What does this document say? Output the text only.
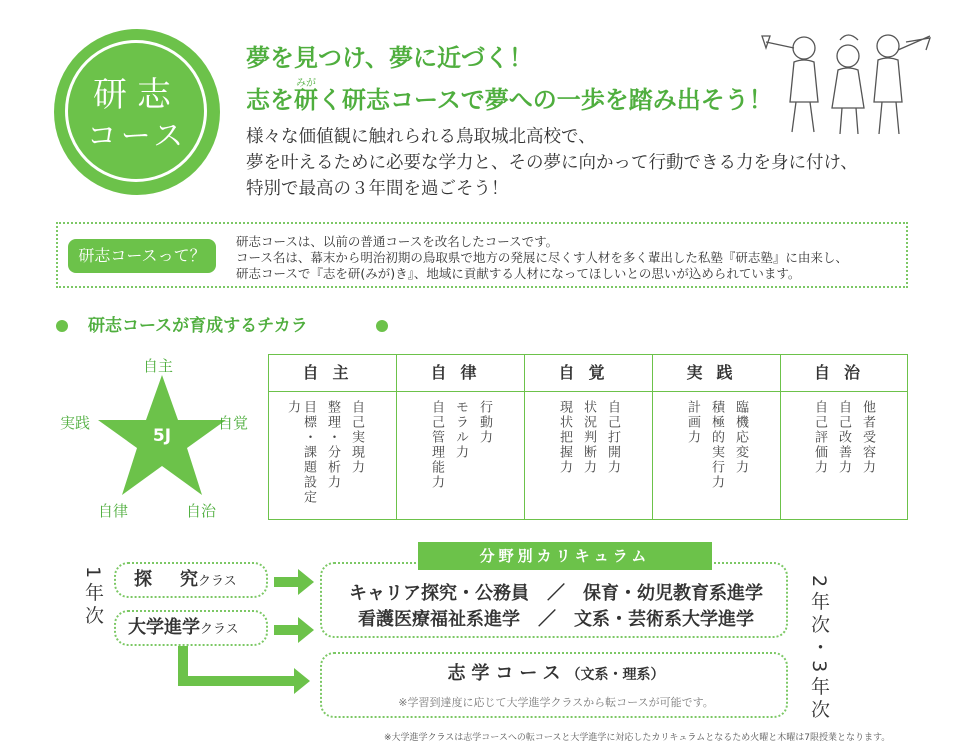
研志
コース
夢を見つけ、夢に近づく！
みが
志を研く研志コースで夢への一歩を踏み出そう！
様々な価値観に触れられる鳥取城北高校で、
夢を叶えるために必要な学力と、その夢に向かって行動できる力を身に付け、
特別で最高の３年間を過ごそう！
研志コースって？
研志コースは、以前の普通コースを改名したコースです。
コース名は、幕末から明治初期の鳥取県で地方の発展に尽くす人材を多く輩出した私塾『研志塾』に由来し、
研志コースで『志を研(みが)き』、地域に貢献する人材になってほしいとの思いが込められています。
研志コースが育成するチカラ
5J
自主
自覚
実践
自律	自治
自主
自己実現力
整理・分析力
目標・課題設定力
自律
行動力
モラル力
自己管理能力
自覚
自己打開力
状況判断力
現状把握力
実践
臨機応変力
積極的実行力
計画力
自治
他者受容力
自己改善力
自己評価力
1年次 探 究クラス
大学進学クラス
分野別カリキュラム
キャリア探究・公務員　／　保育・幼児教育系進学
看護医療福祉系進学　／　文系・芸術系大学進学
志学コース（文系・理系）
※学習到達度に応じて大学進学クラスから転コースが可能です。	2年次・3年次
※大学進学クラスは志学コースへの転コースと大学進学に対応したカリキュラムとなるため火曜と木曜は7限授業となります。
